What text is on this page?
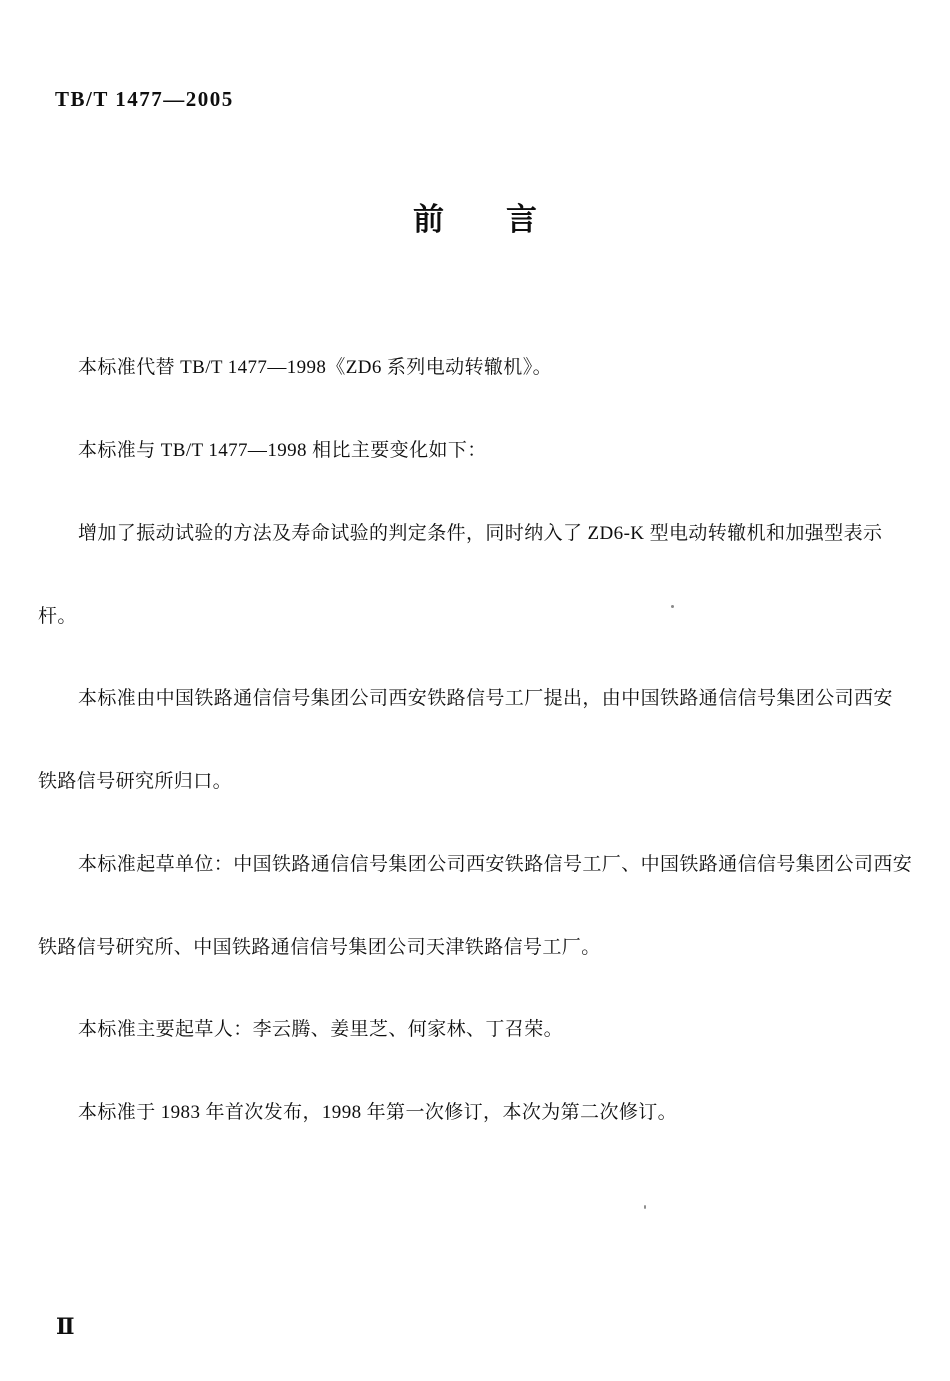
TB/T 1477—2005
前　　言

本标准代替 TB/T 1477—1998《ZD6 系列电动转辙机》。

本标准与 TB/T 1477—1998 相比主要变化如下：

增加了振动试验的方法及寿命试验的判定条件，同时纳入了 ZD6-K 型电动转辙机和加强型表示

杆。

本标准由中国铁路通信信号集团公司西安铁路信号工厂提出，由中国铁路通信信号集团公司西安

铁路信号研究所归口。

本标准起草单位：中国铁路通信信号集团公司西安铁路信号工厂、中国铁路通信信号集团公司西安

铁路信号研究所、中国铁路通信信号集团公司天津铁路信号工厂。

本标准主要起草人：李云腾、姜里芝、何家林、丁召荣。

本标准于 1983 年首次发布，1998 年第一次修订，本次为第二次修订。

Ⅱ
